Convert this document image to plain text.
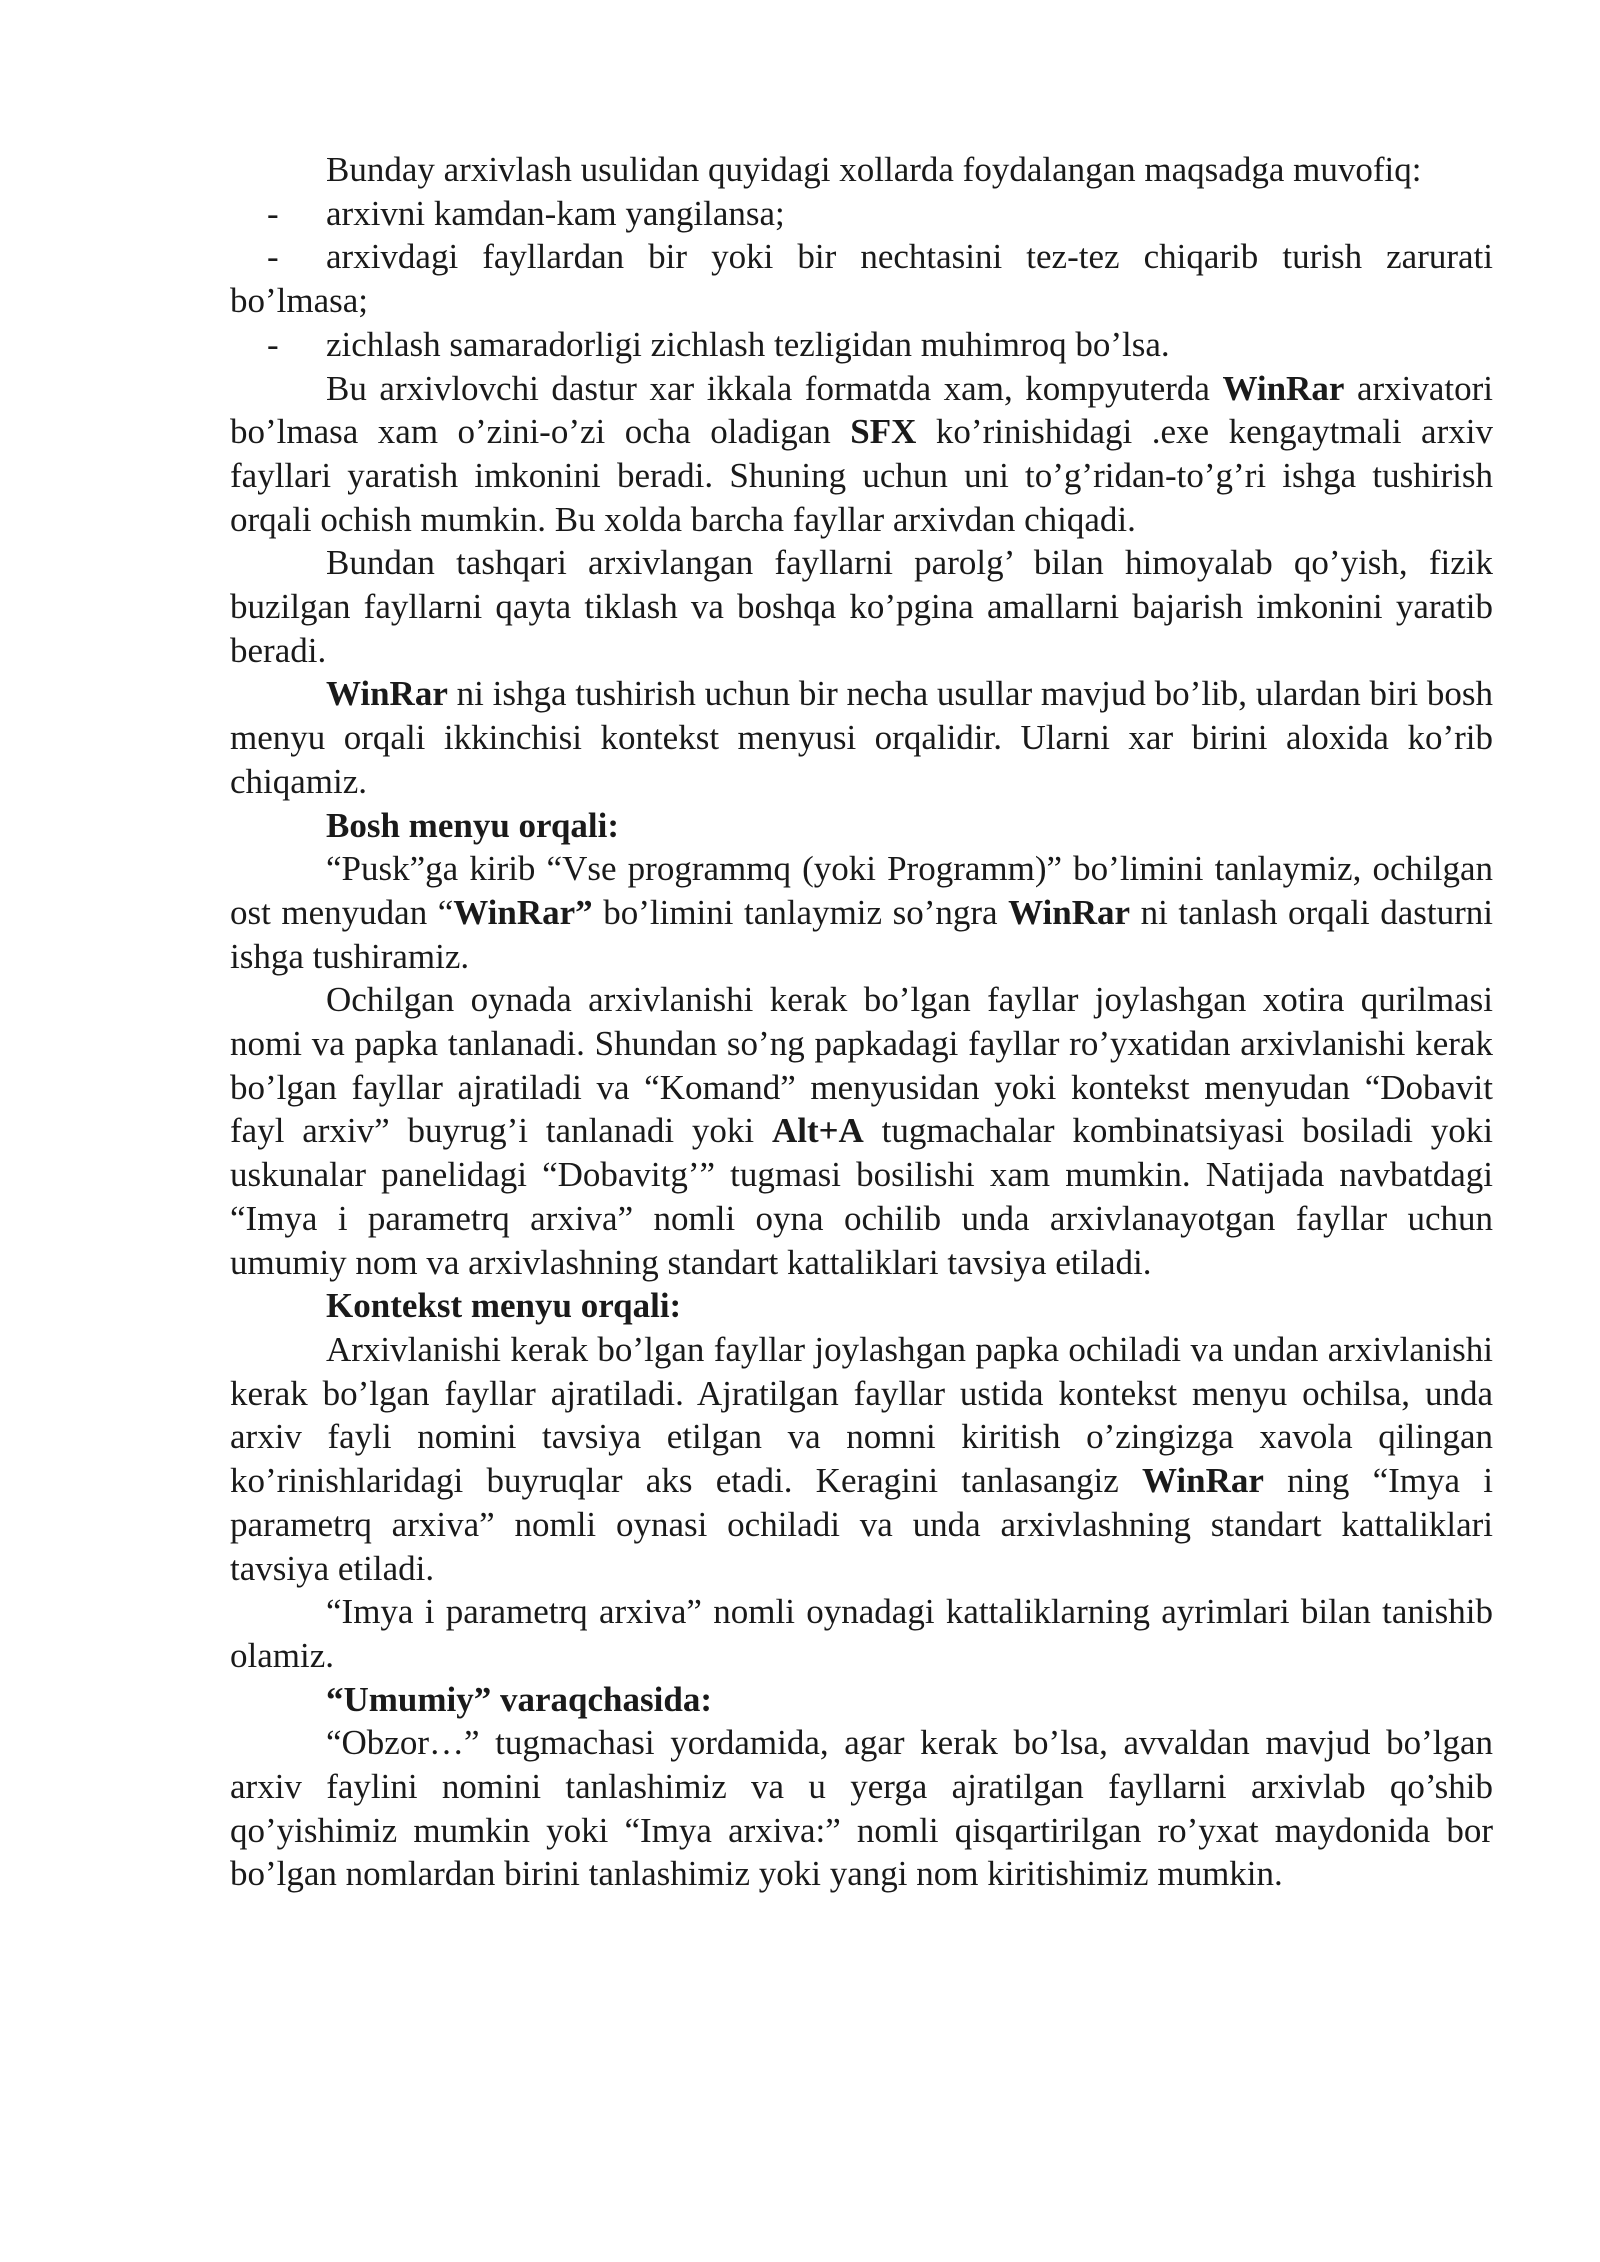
Bunday arxivlash usulidan quyidagi xollarda foydalangan maqsadga muvofiq:

- arxivni kamdan-kam yangilansa;

- arxivdagi fayllardan bir yoki bir nechtasini tez-tez chiqarib turish zarurati bo’lmasa;

- zichlash samaradorligi zichlash tezligidan muhimroq bo’lsa.

Bu arxivlovchi dastur xar ikkala formatda xam, kompyuterda WinRar arxivatori bo’lmasa xam o’zini-o’zi ocha oladigan SFX ko’rinishidagi .exe kengaytmali arxiv fayllari yaratish imkonini beradi. Shuning uchun uni to’g’ridan-to’g’ri ishga tushirish orqali ochish mumkin. Bu xolda barcha fayllar arxivdan chiqadi.

Bundan tashqari arxivlangan fayllarni parolg’ bilan himoyalab qo’yish, fizik buzilgan fayllarni qayta tiklash va boshqa ko’pgina amallarni bajarish imkonini yaratib beradi.

WinRar ni ishga tushirish uchun bir necha usullar mavjud bo’lib, ulardan biri bosh menyu orqali ikkinchisi kontekst menyusi orqalidir. Ularni xar birini aloxida ko’rib chiqamiz.

Bosh menyu orqali:

“Pusk”ga kirib “Vse programmq (yoki Programm)” bo’limini tanlaymiz, ochilgan ost menyudan “WinRar” bo’limini tanlaymiz so’ngra WinRar ni tanlash orqali dasturni ishga tushiramiz.

Ochilgan oynada arxivlanishi kerak bo’lgan fayllar joylashgan xotira qurilmasi nomi va papka tanlanadi. Shundan so’ng papkadagi fayllar ro’yxatidan arxivlanishi kerak bo’lgan fayllar ajratiladi va “Komand” menyusidan yoki kontekst menyudan “Dobavit fayl arxiv” buyrug’i tanlanadi yoki Alt+A tugmachalar kombinatsiyasi bosiladi yoki uskunalar panelidagi “Dobavitg’” tugmasi bosilishi xam mumkin. Natijada navbatdagi “Imya i parametrq arxiva” nomli oyna ochilib unda arxivlanayotgan fayllar uchun umumiy nom va arxivlashning standart kattaliklari tavsiya etiladi.

Kontekst menyu orqali:

Arxivlanishi kerak bo’lgan fayllar joylashgan papka ochiladi va undan arxivlanishi kerak bo’lgan fayllar ajratiladi. Ajratilgan fayllar ustida kontekst menyu ochilsa, unda arxiv fayli nomini tavsiya etilgan va nomni kiritish o’zingizga xavola qilingan ko’rinishlaridagi buyruqlar aks etadi. Keragini tanlasangiz WinRar ning “Imya i parametrq arxiva” nomli oynasi ochiladi va unda arxivlashning standart kattaliklari tavsiya etiladi.

“Imya i parametrq arxiva” nomli oynadagi kattaliklarning ayrimlari bilan tanishib olamiz.

“Umumiy” varaqchasida:

“Obzor…” tugmachasi yordamida, agar kerak bo’lsa, avvaldan mavjud bo’lgan arxiv faylini nomini tanlashimiz va u yerga ajratilgan fayllarni arxivlab qo’shib qo’yishimiz mumkin yoki “Imya arxiva:” nomli qisqartirilgan ro’yxat maydonida bor bo’lgan nomlardan birini tanlashimiz yoki yangi nom kiritishimiz mumkin.
